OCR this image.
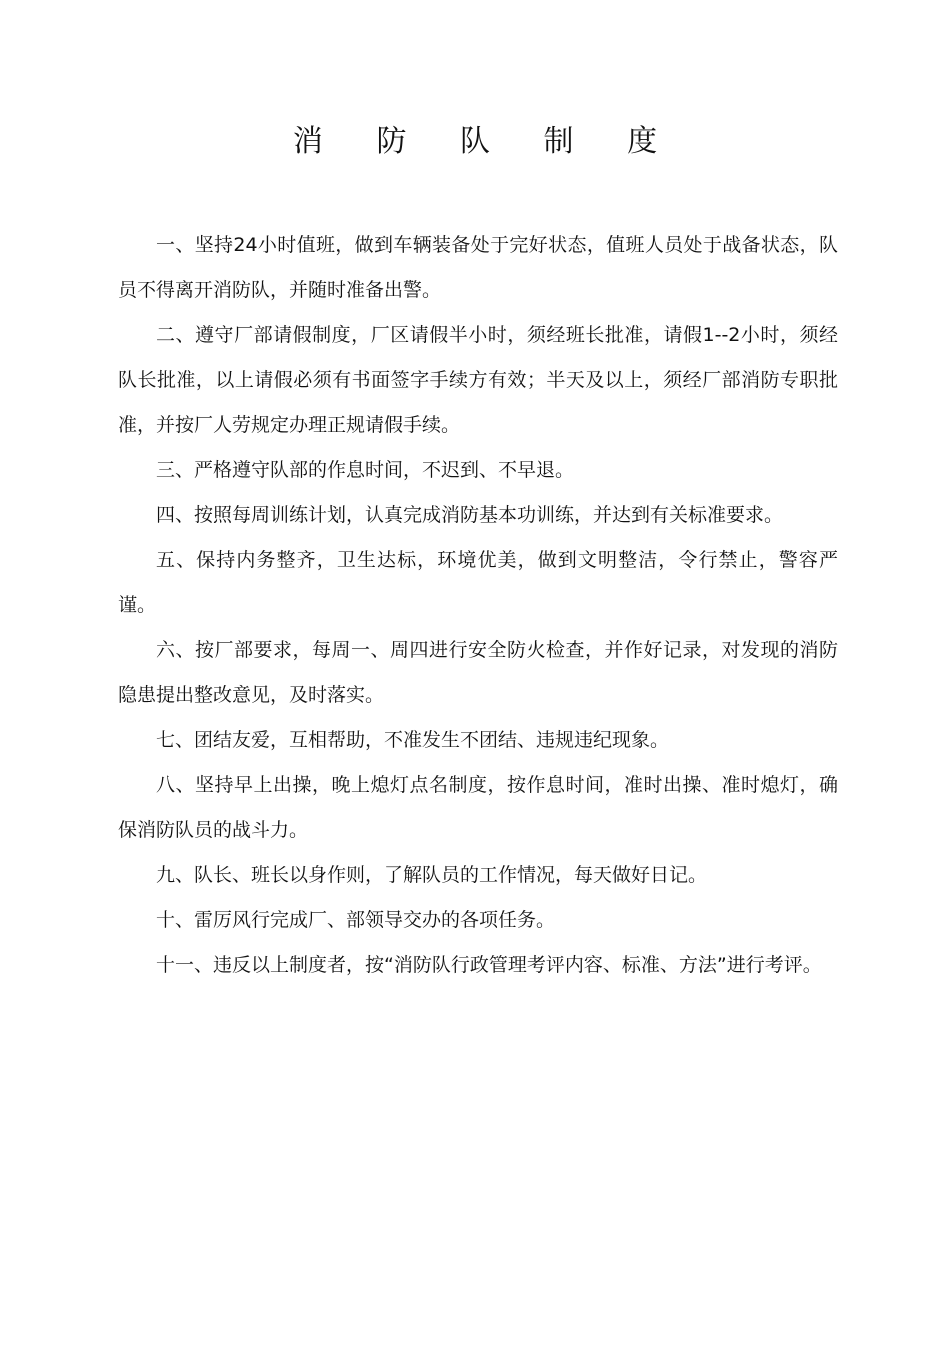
消 防 队 制 度

一、坚持24小时值班，做到车辆装备处于完好状态，值班人员处于战备状态，队员不得离开消防队，并随时准备出警。

二、遵守厂部请假制度，厂区请假半小时，须经班长批准，请假1--2小时，须经队长批准，以上请假必须有书面签字手续方有效；半天及以上，须经厂部消防专职批准，并按厂人劳规定办理正规请假手续。

三、严格遵守队部的作息时间，不迟到、不早退。

四、按照每周训练计划，认真完成消防基本功训练，并达到有关标准要求。

五、保持内务整齐，卫生达标，环境优美，做到文明整洁，令行禁止，警容严谨。

六、按厂部要求，每周一、周四进行安全防火检查，并作好记录，对发现的消防隐患提出整改意见，及时落实。

七、团结友爱，互相帮助，不准发生不团结、违规违纪现象。

八、坚持早上出操，晚上熄灯点名制度，按作息时间，准时出操、准时熄灯，确保消防队员的战斗力。

九、队长、班长以身作则，了解队员的工作情况，每天做好日记。

十、雷厉风行完成厂、部领导交办的各项任务。

十一、违反以上制度者，按“消防队行政管理考评内容、标准、方法”进行考评。
